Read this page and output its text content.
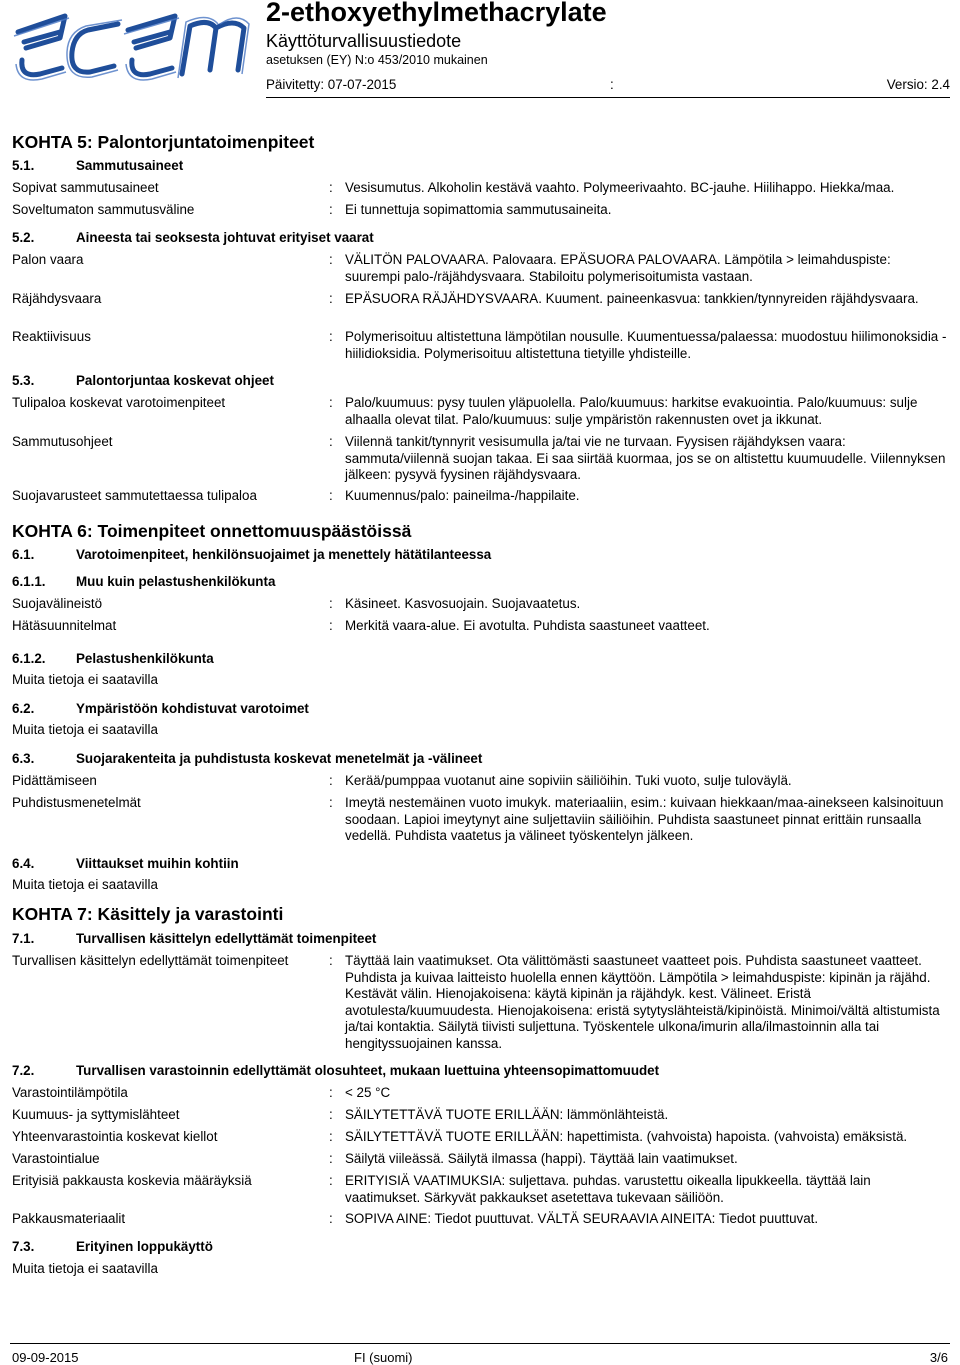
2-ethoxyethylmethacrylate
Käyttöturvallisuustiedote
asetuksen (EY) N:o 453/2010 mukainen
Päivitetty: 07-07-2015	:	Versio: 2.4
KOHTA 5: Palontorjuntatoimenpiteet
5.1.	Sammutusaineet
Sopivat sammutusaineet	: Vesisumutus. Alkoholin kestävä vaahto. Polymeerivaahto. BC-jauhe. Hiilihappo. Hiekka/maa.
Soveltumaton sammutusväline	: Ei tunnettuja sopimattomia sammutusaineita.
5.2.	Aineesta tai seoksesta johtuvat erityiset vaarat
Palon vaara	: VÄLITÖN PALOVAARA. Palovaara. EPÄSUORA PALOVAARA. Lämpötila > leimahduspiste: suurempi palo-/räjähdysvaara. Stabiloitu polymerisoitumista vastaan.
Räjähdysvaara	: EPÄSUORA RÄJÄHDYSVAARA. Kuument. paineenkasvua: tankkien/tynnyreiden räjähdysvaara.
Reaktiivisuus	: Polymerisoituu altistettuna lämpötilan nousulle. Kuumentuessa/palaessa: muodostuu hiilimonoksidia - hiilidioksidia. Polymerisoituu altistettuna tietyille yhdisteille.
5.3.	Palontorjuntaa koskevat ohjeet
Tulipaloa koskevat varotoimenpiteet	: Palo/kuumuus: pysy tuulen yläpuolella. Palo/kuumuus: harkitse evakuointia. Palo/kuumuus: sulje alhaalla olevat tilat. Palo/kuumuus: sulje ympäristön rakennusten ovet ja ikkunat.
Sammutusohjeet	: Viilennä tankit/tynnyrit vesisumulla ja/tai vie ne turvaan. Fyysisen räjähdyksen vaara: sammuta/viilennä suojan takaa. Ei saa siirtää kuormaa, jos se on altistettu kuumuudelle. Viilennyksen jälkeen: pysyvä fyysinen räjähdysvaara.
Suojavarusteet sammutettaessa tulipaloa	: Kuumennus/palo: paineilma-/happilaite.
KOHTA 6: Toimenpiteet onnettomuuspäästöissä
6.1.	Varotoimenpiteet, henkilönsuojaimet ja menettely hätätilanteessa
6.1.1. Muu kuin pelastushenkilökunta
Suojavälineistö	: Käsineet. Kasvosuojain. Suojavaatetus.
Hätäsuunnitelmat	: Merkitä vaara-alue. Ei avotulta. Puhdista saastuneet vaatteet.
6.1.2. Pelastushenkilökunta
Muita tietoja ei saatavilla
6.2.	Ympäristöön kohdistuvat varotoimet
Muita tietoja ei saatavilla
6.3.	Suojarakenteita ja puhdistusta koskevat menetelmät ja -välineet
Pidättämiseen	: Kerää/pumppaa vuotanut aine sopiviin säiliöihin. Tuki vuoto, sulje tuloväylä.
Puhdistusmenetelmät	: Imeytä nestemäinen vuoto imukyk. materiaaliin, esim.: kuivaan hiekkaan/maa-ainekseen kalsinoituun soodaan. Lapioi imeytynyt aine suljettaviin säiliöihin. Puhdista saastuneet pinnat erittäin runsaalla vedellä. Puhdista vaatetus ja välineet työskentelyn jälkeen.
6.4.	Viittaukset muihin kohtiin
Muita tietoja ei saatavilla
KOHTA 7: Käsittely ja varastointi
7.1.	Turvallisen käsittelyn edellyttämät toimenpiteet
Turvallisen käsittelyn edellyttämät toimenpiteet	: Täyttää lain vaatimukset. Ota välittömästi saastuneet vaatteet pois. Puhdista saastuneet vaatteet. Puhdista ja kuivaa laitteisto huolella ennen käyttöön. Lämpötila > leimahduspiste: kipinän ja räjähd. Kestävät välin. Hienojakoisena: käytä kipinän ja räjähdyk. kest. Välineet. Eristä avotulesta/kuumuudesta. Hienojakoisena: eristä sytytyslähteistä/kipinöistä. Minimoi/vältä altistumista ja/tai kontaktia. Säilytä tiivisti suljettuna. Työskentele ulkona/imurin alla/ilmastoinnin alla tai hengityssuojainen kanssa.
7.2.	Turvallisen varastoinnin edellyttämät olosuhteet, mukaan luettuina yhteensopimattomuudet
Varastointilämpötila	: < 25 °C
Kuumuus- ja syttymislähteet	: SÄILYTETTÄVÄ TUOTE ERILLÄÄN: lämmönlähteistä.
Yhteenvarastointia koskevat kiellot	: SÄILYTETTÄVÄ TUOTE ERILLÄÄN: hapettimista. (vahvoista) hapoista. (vahvoista) emäksistä.
Varastointialue	: Säilytä viileässä. Säilytä ilmassa (happi). Täyttää lain vaatimukset.
Erityisiä pakkausta koskevia määräyksiä	: ERITYISIÄ VAATIMUKSIA: suljettava. puhdas. varustettu oikealla lipukkeella. täyttää lain vaatimukset. Särkyvät pakkaukset asetettava tukevaan säiliöön.
Pakkausmateriaalit	: SOPIVA AINE: Tiedot puuttuvat. VÄLTÄ SEURAAVIA AINEITA: Tiedot puuttuvat.
7.3.	Erityinen loppukäyttö
Muita tietoja ei saatavilla
09-09-2015	FI (suomi)	3/6
